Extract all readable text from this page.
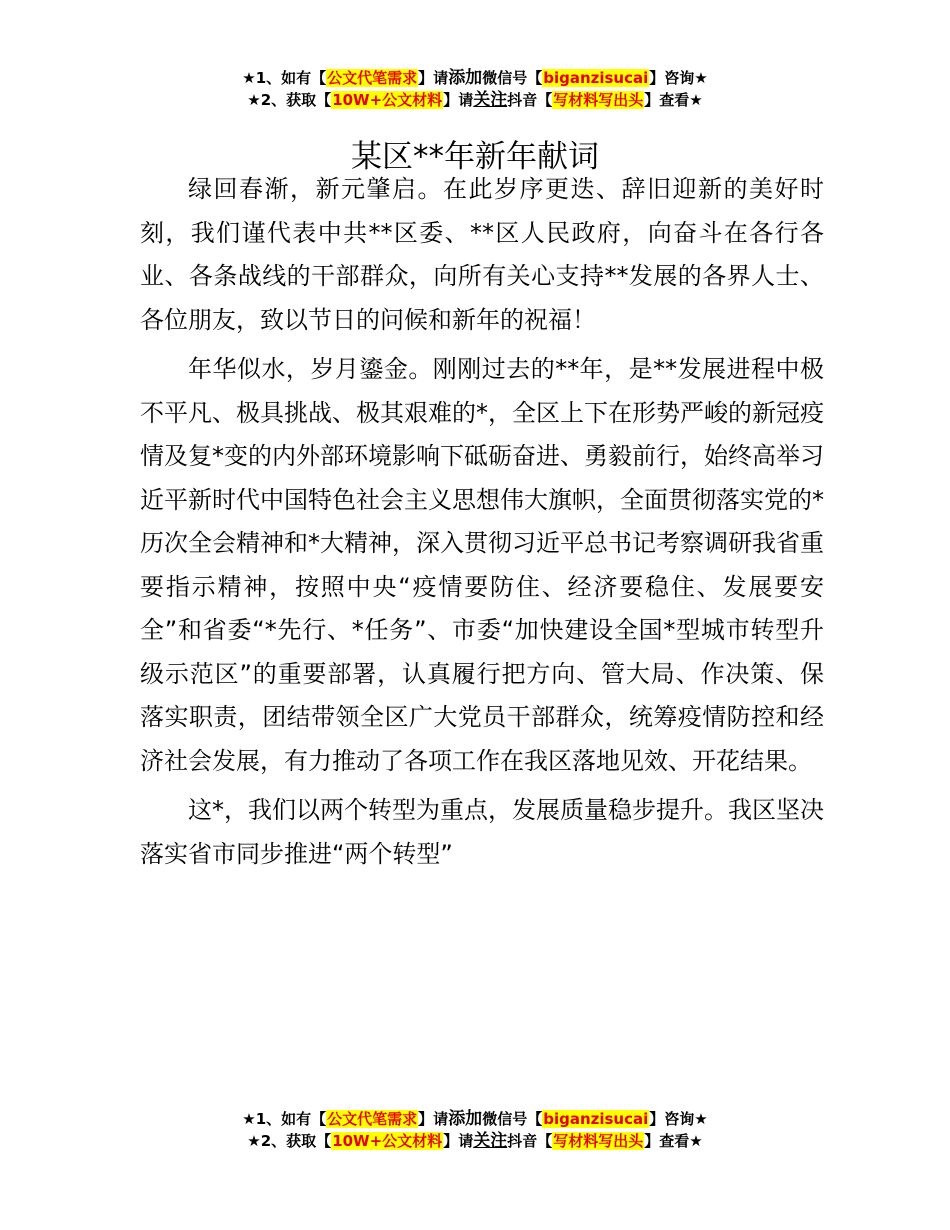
★1、如有【公文代笔需求】请添加微信号【biganzisucai】咨询★
★2、获取【10W+公文材料】请关注抖音【写材料写出头】查看★
某区**年新年献词

绿回春渐，新元肇启。在此岁序更迭、辞旧迎新的美好时刻，我们谨代表中共**区委、**区人民政府，向奋斗在各行各业、各条战线的干部群众，向所有关心支持**发展的各界人士、各位朋友，致以节日的问候和新年的祝福！

年华似水，岁月鎏金。刚刚过去的**年，是**发展进程中极不平凡、极具挑战、极其艰难的*，全区上下在形势严峻的新冠疫情及复*变的内外部环境影响下砥砺奋进、勇毅前行，始终高举习近平新时代中国特色社会主义思想伟大旗帜，全面贯彻落实党的*历次全会精神和*大精神，深入贯彻习近平总书记考察调研我省重要指示精神，按照中央“疫情要防住、经济要稳住、发展要安全”和省委“*先行、*任务”、市委“加快建设全国*型城市转型升级示范区”的重要部署，认真履行把方向、管大局、作决策、保落实职责，团结带领全区广大党员干部群众，统筹疫情防控和经济社会发展，有力推动了各项工作在我区落地见效、开花结果。

这*，我们以两个转型为重点，发展质量稳步提升。我区坚决落实省市同步推进“两个转型”

★1、如有【公文代笔需求】请添加微信号【biganzisucai】咨询★
★2、获取【10W+公文材料】请关注抖音【写材料写出头】查看★
